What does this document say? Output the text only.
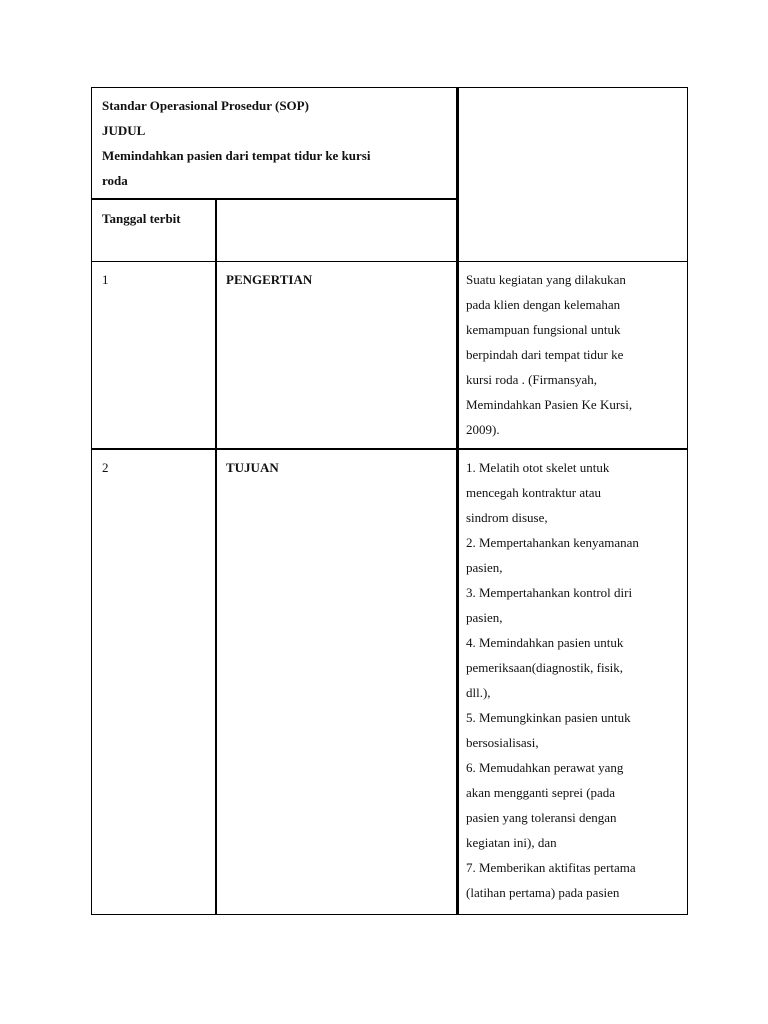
Standar Operasional Prosedur (SOP)
JUDUL
Memindahkan pasien dari tempat tidur ke kursi
roda
Tanggal terbit
1	PENGERTIAN	Suatu kegiatan yang dilakukan
pada klien dengan kelemahan
kemampuan fungsional untuk
berpindah dari tempat tidur ke
kursi roda . (Firmansyah,
Memindahkan Pasien Ke Kursi,
2009).
2	TUJUAN	1. Melatih otot skelet untuk
mencegah kontraktur atau
sindrom disuse,
2. Mempertahankan kenyamanan
pasien,
3. Mempertahankan kontrol diri
pasien,
4. Memindahkan pasien untuk
pemeriksaan(diagnostik, fisik,
dll.),
5. Memungkinkan pasien untuk
bersosialisasi,
6. Memudahkan perawat yang
akan mengganti seprei (pada
pasien yang toleransi dengan
kegiatan ini), dan
7. Memberikan aktifitas pertama
(latihan pertama) pada pasien
